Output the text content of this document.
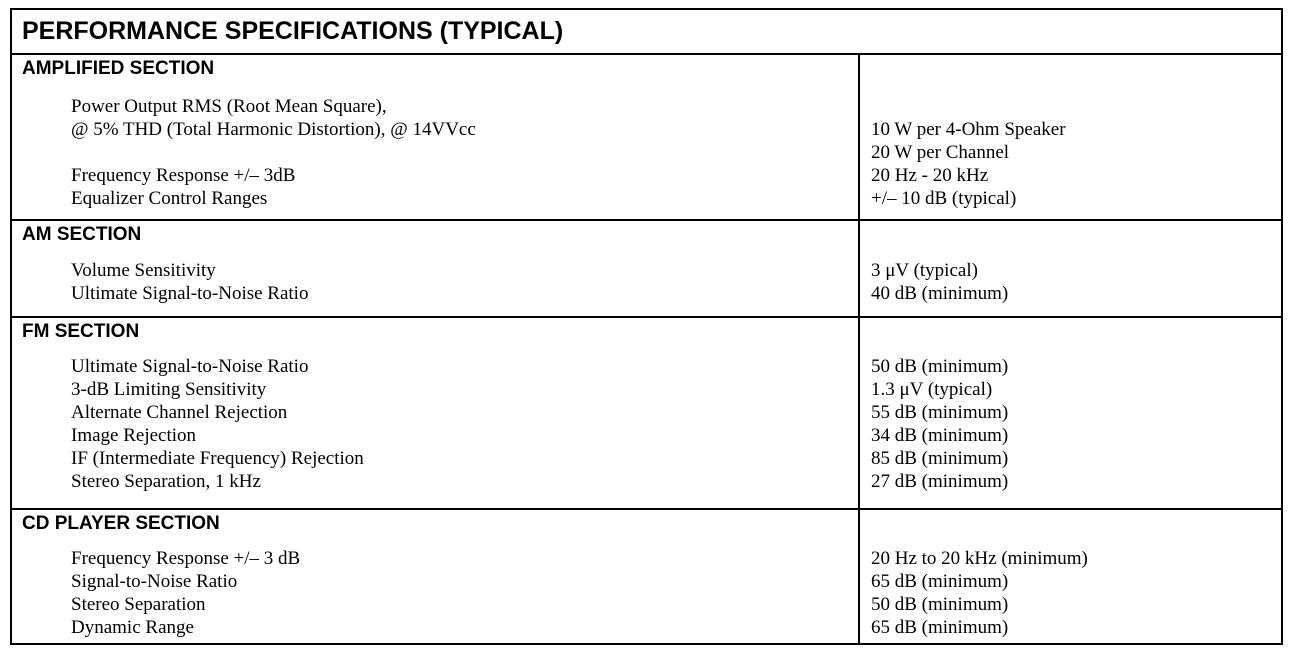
PERFORMANCE SPECIFICATIONS (TYPICAL)
AMPLIFIED SECTION
Power Output RMS (Root Mean Square),
@ 5% THD (Total Harmonic Distortion), @ 14VVcc	10 W per 4-Ohm Speaker
20 W per Channel
Frequency Response +/– 3dB	20 Hz - 20 kHz
Equalizer Control Ranges	+/– 10 dB (typical)
AM SECTION
Volume Sensitivity	3 μV (typical)
Ultimate Signal-to-Noise Ratio	40 dB (minimum)
FM SECTION
Ultimate Signal-to-Noise Ratio	50 dB (minimum)
3-dB Limiting Sensitivity	1.3 μV (typical)
Alternate Channel Rejection	55 dB (minimum)
Image Rejection	34 dB (minimum)
IF (Intermediate Frequency) Rejection	85 dB (minimum)
Stereo Separation, 1 kHz	27 dB (minimum)
CD PLAYER SECTION
Frequency Response +/– 3 dB	20 Hz to 20 kHz (minimum)
Signal-to-Noise Ratio	65 dB (minimum)
Stereo Separation	50 dB (minimum)
Dynamic Range	65 dB (minimum)
